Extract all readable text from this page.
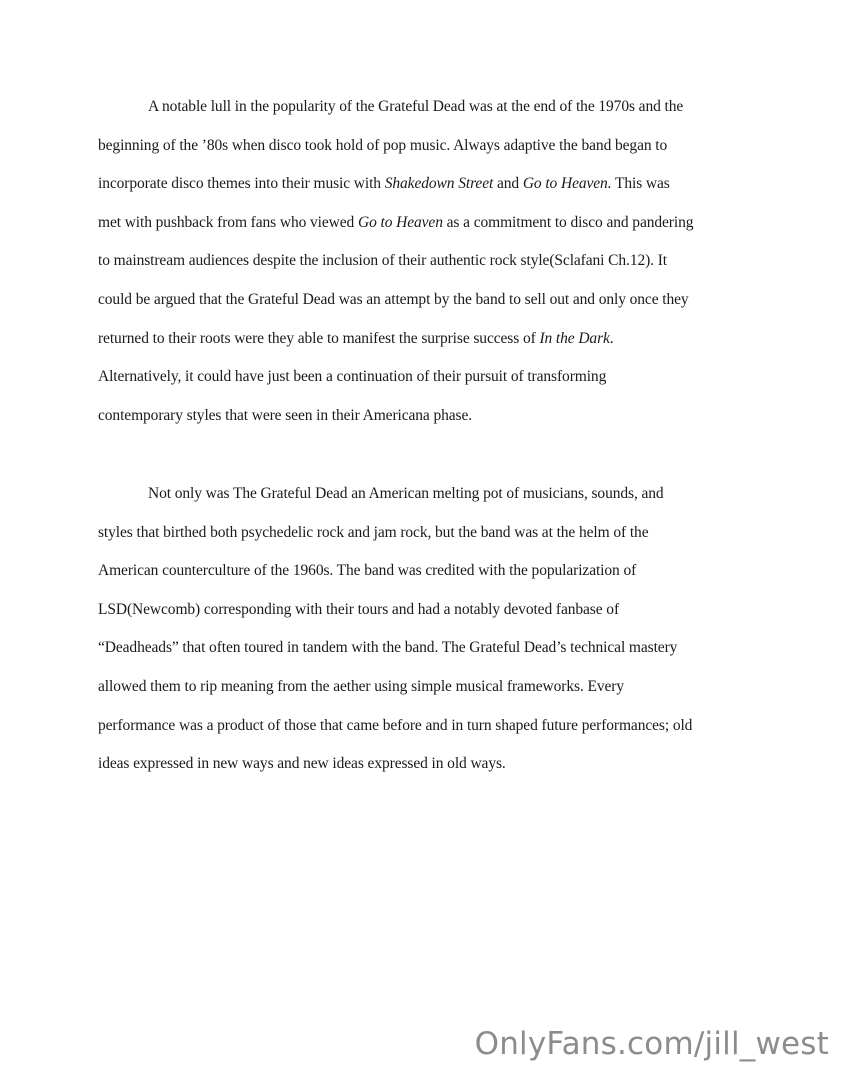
A notable lull in the popularity of the Grateful Dead was at the end of the 1970s and the
beginning of the ’80s when disco took hold of pop music. Always adaptive the band began to
incorporate disco themes into their music with Shakedown Street and Go to Heaven. This was
met with pushback from fans who viewed Go to Heaven as a commitment to disco and pandering
to mainstream audiences despite the inclusion of their authentic rock style(Sclafani Ch.12). It
could be argued that the Grateful Dead was an attempt by the band to sell out and only once they
returned to their roots were they able to manifest the surprise success of In the Dark.
Alternatively, it could have just been a continuation of their pursuit of transforming
contemporary styles that were seen in their Americana phase.
Not only was The Grateful Dead an American melting pot of musicians, sounds, and
styles that birthed both psychedelic rock and jam rock, but the band was at the helm of the
American counterculture of the 1960s. The band was credited with the popularization of
LSD(Newcomb) corresponding with their tours and had a notably devoted fanbase of
“Deadheads” that often toured in tandem with the band. The Grateful Dead’s technical mastery
allowed them to rip meaning from the aether using simple musical frameworks. Every
performance was a product of those that came before and in turn shaped future performances; old
ideas expressed in new ways and new ideas expressed in old ways.
OnlyFans.com/jill_west
